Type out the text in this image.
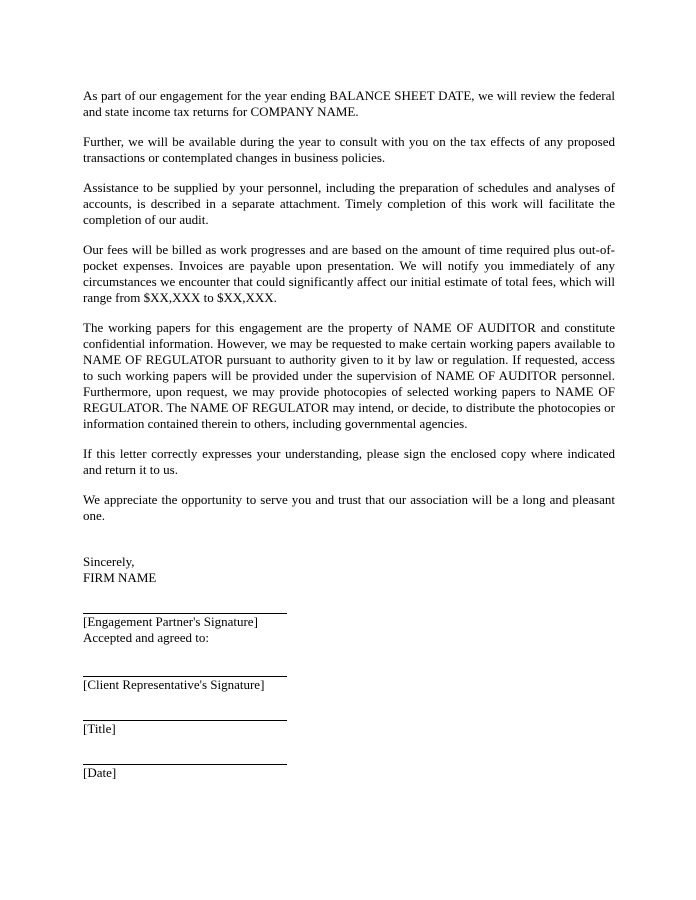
As part of our engagement for the year ending BALANCE SHEET DATE, we will review the federal and state income tax returns for COMPANY NAME.

Further, we will be available during the year to consult with you on the tax effects of any proposed transactions or contemplated changes in business policies.

Assistance to be supplied by your personnel, including the preparation of schedules and analyses of accounts, is described in a separate attachment. Timely completion of this work will facilitate the completion of our audit.

Our fees will be billed as work progresses and are based on the amount of time required plus out-of-pocket expenses. Invoices are payable upon presentation. We will notify you immediately of any circumstances we encounter that could significantly affect our initial estimate of total fees, which will range from $XX,XXX to $XX,XXX.

The working papers for this engagement are the property of NAME OF AUDITOR and constitute confidential information. However, we may be requested to make certain working papers available to NAME OF REGULATOR pursuant to authority given to it by law or regulation. If requested, access to such working papers will be provided under the supervision of NAME OF AUDITOR personnel. Furthermore, upon request, we may provide photocopies of selected working papers to NAME OF REGULATOR. The NAME OF REGULATOR may intend, or decide, to distribute the photocopies or information contained therein to others, including governmental agencies.

If this letter correctly expresses your understanding, please sign the enclosed copy where indicated and return it to us.

We appreciate the opportunity to serve you and trust that our association will be a long and pleasant one.

Sincerely,
FIRM NAME
[Engagement Partner's Signature]
Accepted and agreed to:
[Client Representative's Signature]
[Title]
[Date]
